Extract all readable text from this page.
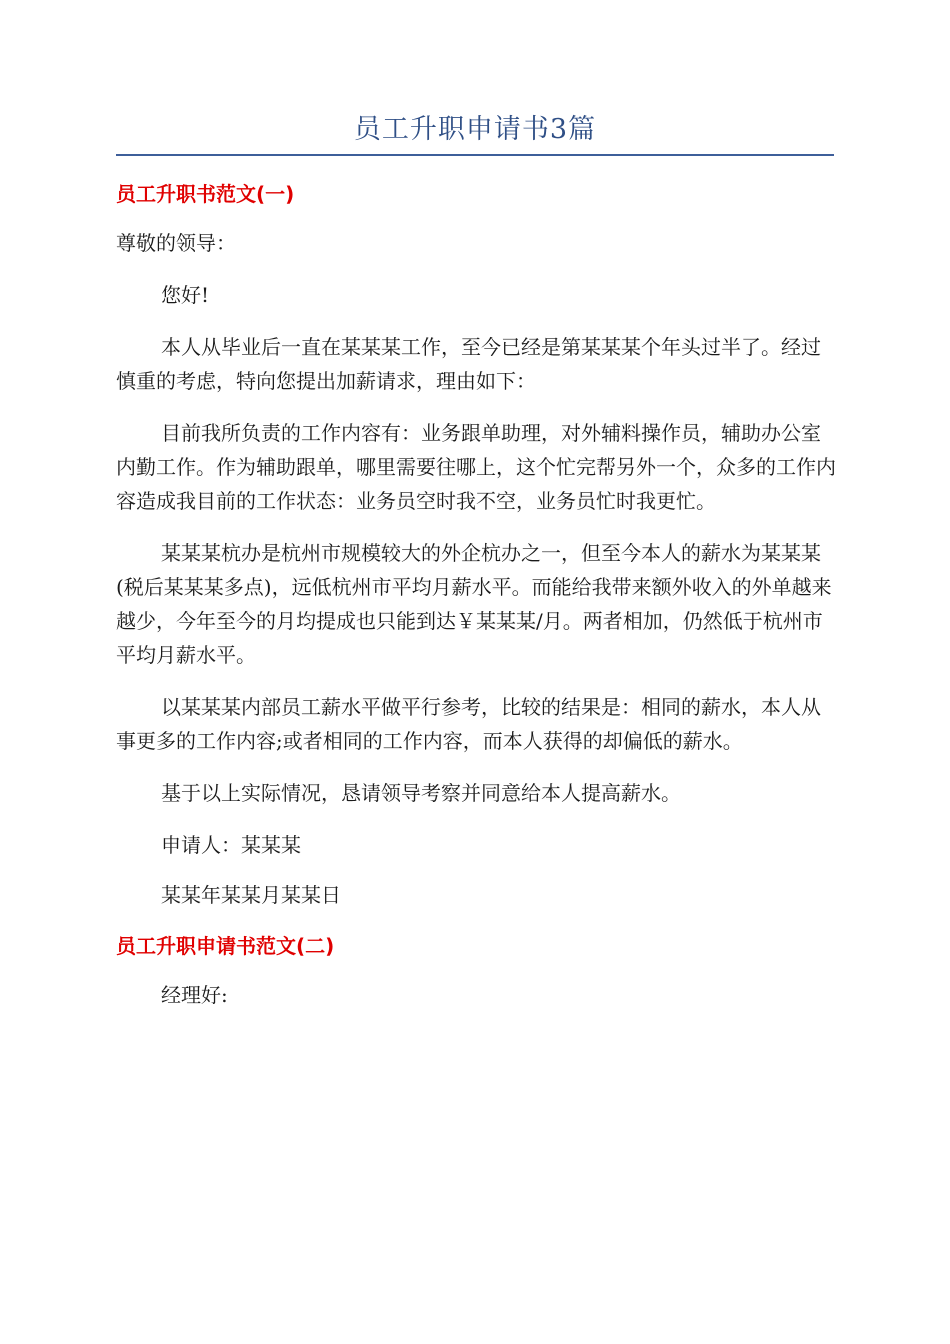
员工升职申请书3篇
员工升职书范文(一)

尊敬的领导：

您好!

本人从毕业后一直在某某某工作，至今已经是第某某某个年头过半了。经过慎重的考虑，特向您提出加薪请求，理由如下：

目前我所负责的工作内容有：业务跟单助理，对外辅料操作员，辅助办公室内勤工作。作为辅助跟单，哪里需要往哪上，这个忙完帮另外一个，众多的工作内容造成我目前的工作状态：业务员空时我不空，业务员忙时我更忙。

某某某杭办是杭州市规模较大的外企杭办之一，但至今本人的薪水为某某某(税后某某某多点)，远低杭州市平均月薪水平。而能给我带来额外收入的外单越来越少，今年至今的月均提成也只能到达￥某某某/月。两者相加，仍然低于杭州市平均月薪水平。

以某某某内部员工薪水平做平行参考，比较的结果是：相同的薪水，本人从事更多的工作内容;或者相同的工作内容，而本人获得的却偏低的薪水。

基于以上实际情况，恳请领导考察并同意给本人提高薪水。

申请人：某某某

某某年某某月某某日

员工升职申请书范文(二)

经理好:
